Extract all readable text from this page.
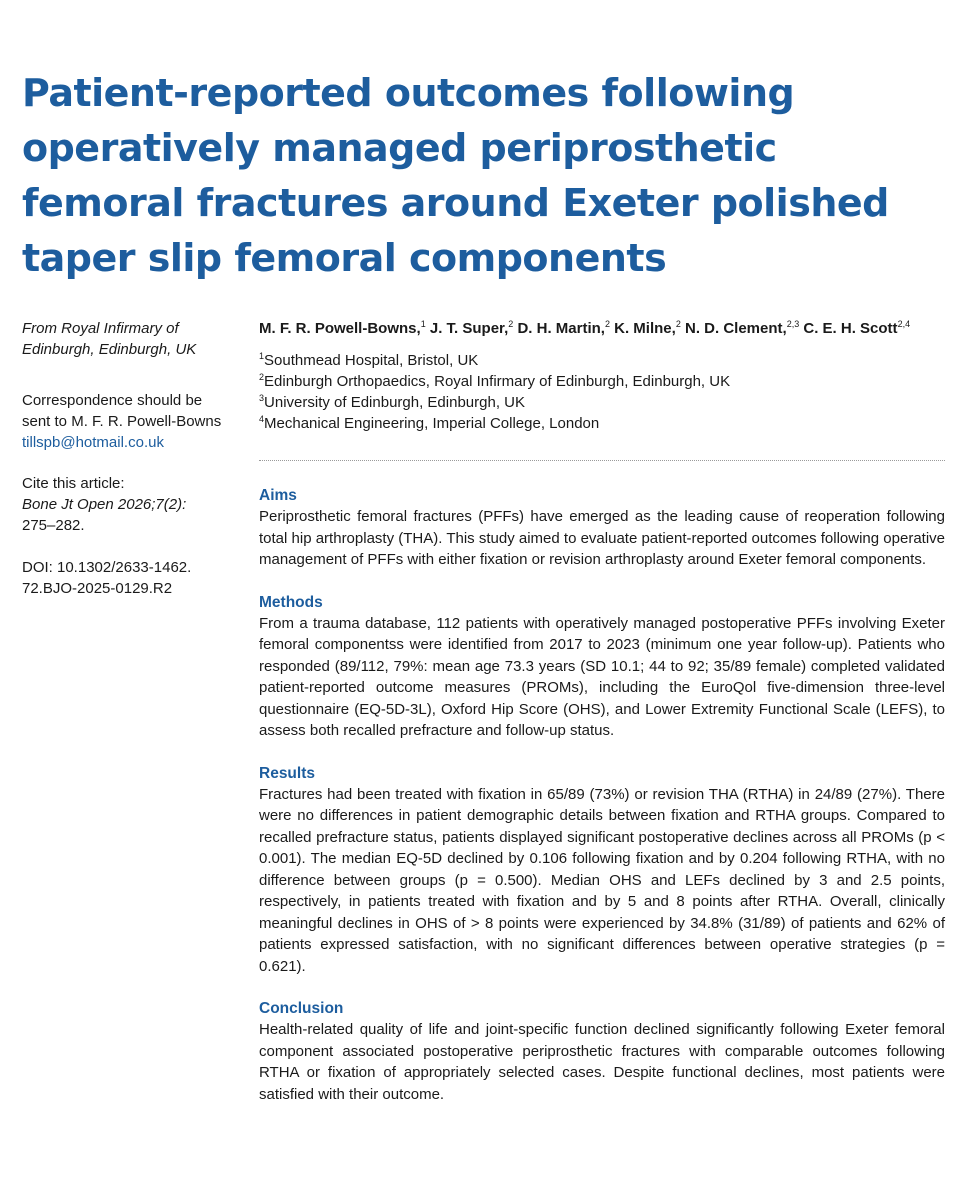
Patient-reported outcomes following operatively managed periprosthetic femoral fractures around Exeter polished taper slip femoral components

From Royal Infirmary of Edinburgh, Edinburgh, UK

Correspondence should be sent to M. F. R. Powell-Bowns
tillspb@hotmail.co.uk

Cite this article:
Bone Jt Open 2026;7(2):
275–282.

DOI: 10.1302/2633-1462. 72.BJO-2025-0129.R2

M. F. R. Powell-Bowns,$^1$ J. T. Super,$^2$ D. H. Martin,$^2$ K. Milne,$^2$ N. D. Clement,$^{2,3}$ C. E. H. Scott$^{2,4}$

$^1$Southmead Hospital, Bristol, UK

$^2$Edinburgh Orthopaedics, Royal Infirmary of Edinburgh, Edinburgh, UK

$^3$University of Edinburgh, Edinburgh, UK

$^4$Mechanical Engineering, Imperial College, London

Aims

Periprosthetic femoral fractures (PFFs) have emerged as the leading cause of reoperation following total hip arthroplasty (THA). This study aimed to evaluate patient-reported outcomes following operative management of PFFs with either fixation or revision arthroplasty around Exeter femoral components.

Methods

From a trauma database, 112 patients with operatively managed postoperative PFFs involving Exeter femoral componentss were identified from 2017 to 2023 (minimum one year follow-up). Patients who responded (89/112, 79%: mean age 73.3 years (SD 10.1; 44 to 92; 35/89 female) completed validated patient-reported outcome measures (PROMs), including the EuroQol five-dimension three-level questionnaire (EQ-5D-3L), Oxford Hip Score (OHS), and Lower Extremity Functional Scale (LEFS), to assess both recalled prefracture and follow-up status.

Results

Fractures had been treated with fixation in 65/89 (73%) or revision THA (RTHA) in 24/89 (27%). There were no differences in patient demographic details between fixation and RTHA groups. Compared to recalled prefracture status, patients displayed significant postoperative declines across all PROMs (p < 0.001). The median EQ-5D declined by 0.106 following fixation and by 0.204 following RTHA, with no difference between groups (p = 0.500). Median OHS and LEFs declined by 3 and 2.5 points, respectively, in patients treated with fixation and by 5 and 8 points after RTHA. Overall, clinically meaningful declines in OHS of > 8 points were experienced by 34.8% (31/89) of patients and 62% of patients expressed satisfaction, with no significant differences between operative strategies (p = 0.621).

Conclusion

Health-related quality of life and joint-specific function declined significantly following Exeter femoral component associated postoperative periprosthetic fractures with comparable outcomes following RTHA or fixation of appropriately selected cases. Despite functional declines, most patients were satisfied with their outcome.
